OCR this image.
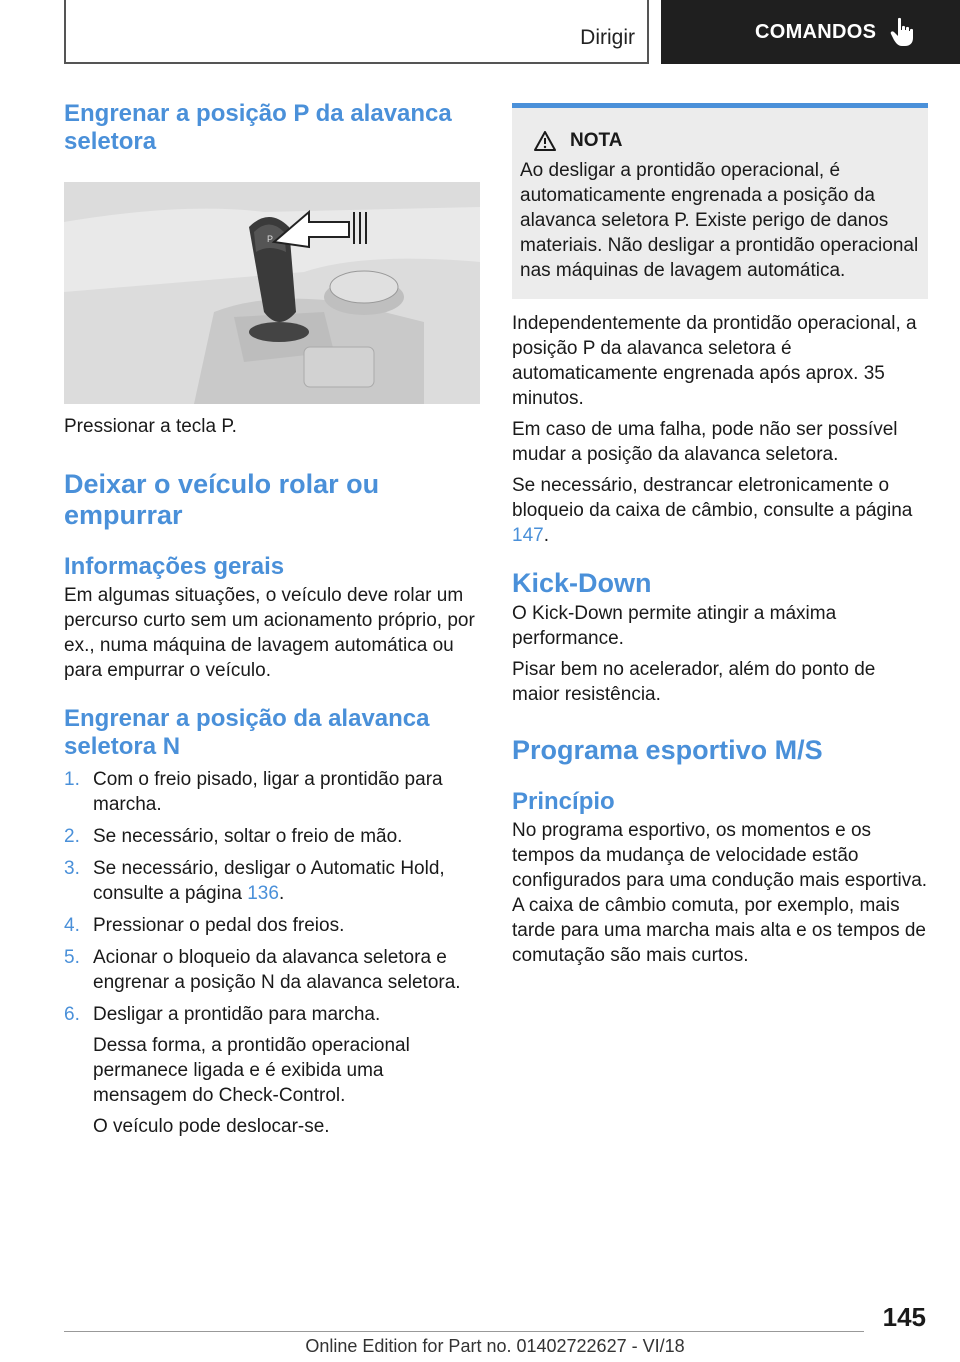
Dirigir	COMANDOS
Engrenar a posição P da alavanca seletora
P

Pressionar a tecla P.

Deixar o veículo rolar ou empurrar
Informações gerais

Em algumas situações, o veículo deve rolar um percurso curto sem um acionamento próprio, por ex., numa máquina de lavagem automática ou para empurrar o veículo.

Engrenar a posição da alavanca seletora N
1. Com o freio pisado, ligar a prontidão para marcha.
2. Se necessário, soltar o freio de mão.
3. Se necessário, desligar o Automatic Hold, consulte a página 136.
4. Pressionar o pedal dos freios.
5. Acionar o bloqueio da alavanca seletora e engrenar a posição N da alavanca seletora.
6. Desligar a prontidão para marcha.

Dessa forma, a prontidão operacional permanece ligada e é exibida uma mensagem do Check-Control.

O veículo pode deslocar-se.

NOTA

Ao desligar a prontidão operacional, é automaticamente engrenada a posição da alavanca seletora P. Existe perigo de danos materiais. Não desligar a prontidão operacional nas máquinas de lavagem automática.

Independentemente da prontidão operacional, a posição P da alavanca seletora é automaticamente engrenada após aprox. 35 minutos.

Em caso de uma falha, pode não ser possível mudar a posição da alavanca seletora.

Se necessário, destrancar eletronicamente o bloqueio da caixa de câmbio, consulte a página 147.

Kick-Down

O Kick-Down permite atingir a máxima performance.

Pisar bem no acelerador, além do ponto de maior resistência.

Programa esportivo M/S
Princípio

No programa esportivo, os momentos e os tempos da mudança de velocidade estão configurados para uma condução mais esportiva. A caixa de câmbio comuta, por exemplo, mais tarde para uma marcha mais alta e os tempos de comutação são mais curtos.

145
Online Edition for Part no. 01402722627 - VI/18
